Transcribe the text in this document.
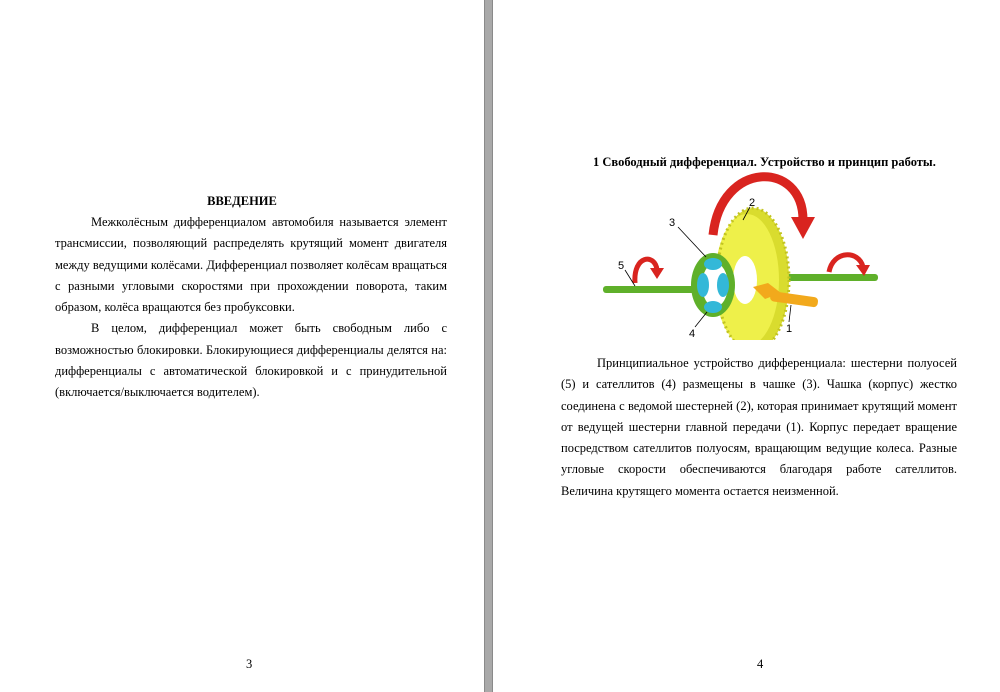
ВВЕДЕНИЕ

Межколёсным дифференциалом автомобиля называется элемент трансмиссии, позволяющий распределять крутящий момент двигателя между ведущими колёсами. Дифференциал позволяет колёсам вращаться с разными угловыми скоростями при прохождении поворота, таким образом, колёса вращаются без пробуксовки.

В целом, дифференциал может быть свободным либо с возможностью блокировки. Блокирующиеся дифференциалы делятся на: дифференциалы с автоматической блокировкой и с принудительной (включается/выключается водителем).

3
1 Свободный дифференциал. Устройство и принцип работы.
3
2
5
4	1

Принципиальное устройство дифференциала: шестерни полуосей (5) и сателлитов (4) размещены в чашке (3). Чашка (корпус) жестко соединена с ведомой шестерней (2), которая принимает крутящий момент от ведущей шестерни главной передачи (1). Корпус передает вращение посредством сателлитов полуосям, вращающим ведущие колеса. Разные угловые скорости обеспечиваются благодаря работе сателлитов. Величина крутящего момента остается неизменной.

4
